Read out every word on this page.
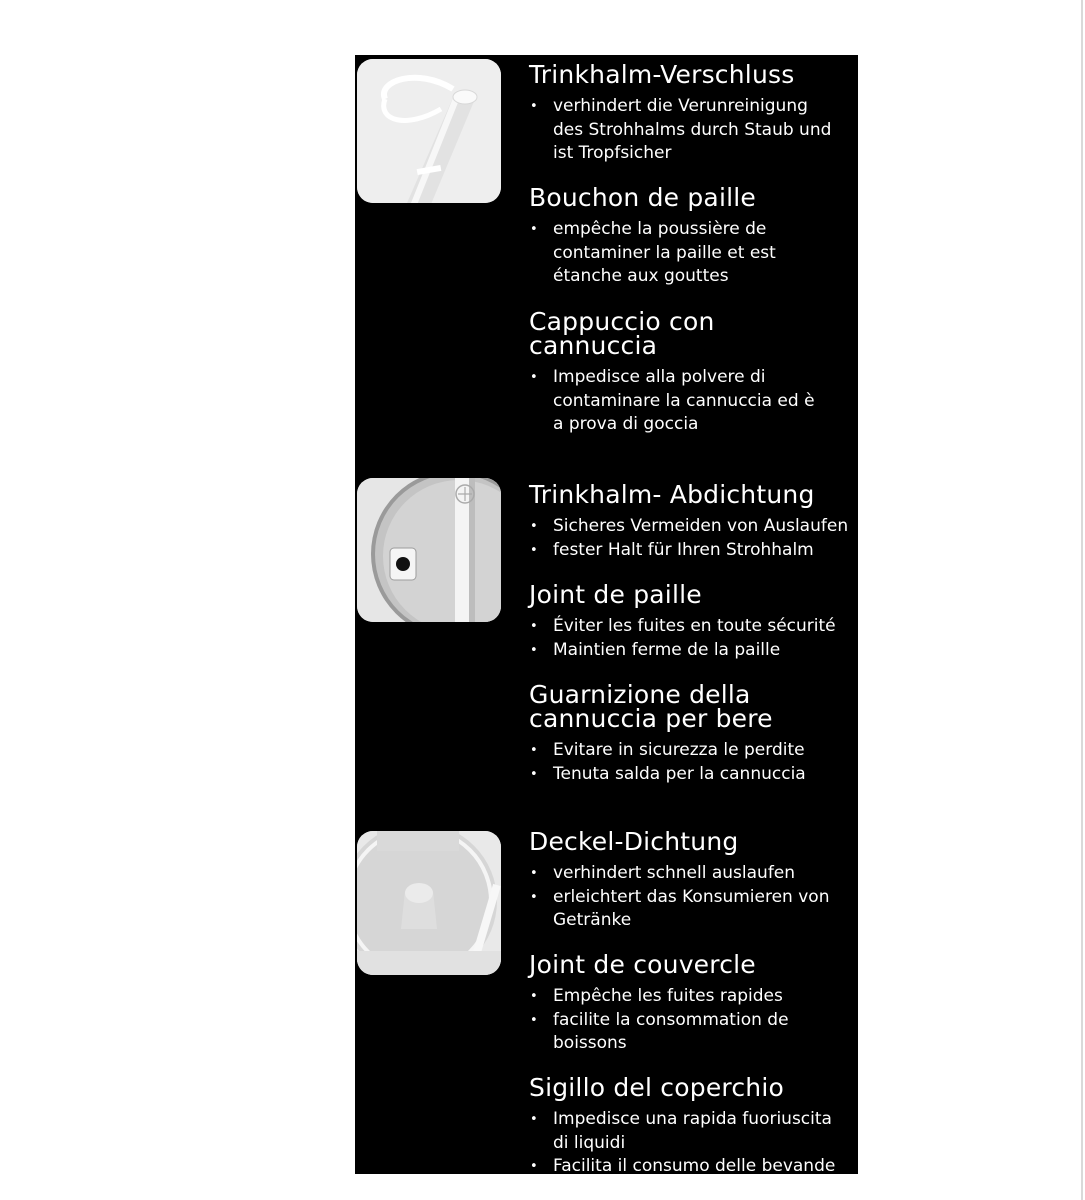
Trinkhalm-Verschluss
• verhindert die Verunreinigung
des Strohhalms durch Staub und
ist Tropfsicher
Bouchon de paille
• empêche la poussière de
contaminer la paille et est
étanche aux gouttes
Cappuccio con
cannuccia
• Impedisce alla polvere di
contaminare la cannuccia ed è
a prova di goccia
Trinkhalm- Abdichtung
• Sicheres Vermeiden von Auslaufen
• fester Halt für Ihren Strohhalm
Joint de paille
• Éviter les fuites en toute sécurité
• Maintien ferme de la paille
Guarnizione della
cannuccia per bere
• Evitare in sicurezza le perdite
• Tenuta salda per la cannuccia
Deckel-Dichtung
• verhindert schnell auslaufen
• erleichtert das Konsumieren von
Getränke
Joint de couvercle
• Empêche les fuites rapides
• facilite la consommation de
boissons
Sigillo del coperchio
• Impedisce una rapida fuoriuscita
di liquidi
• Facilita il consumo delle bevande
